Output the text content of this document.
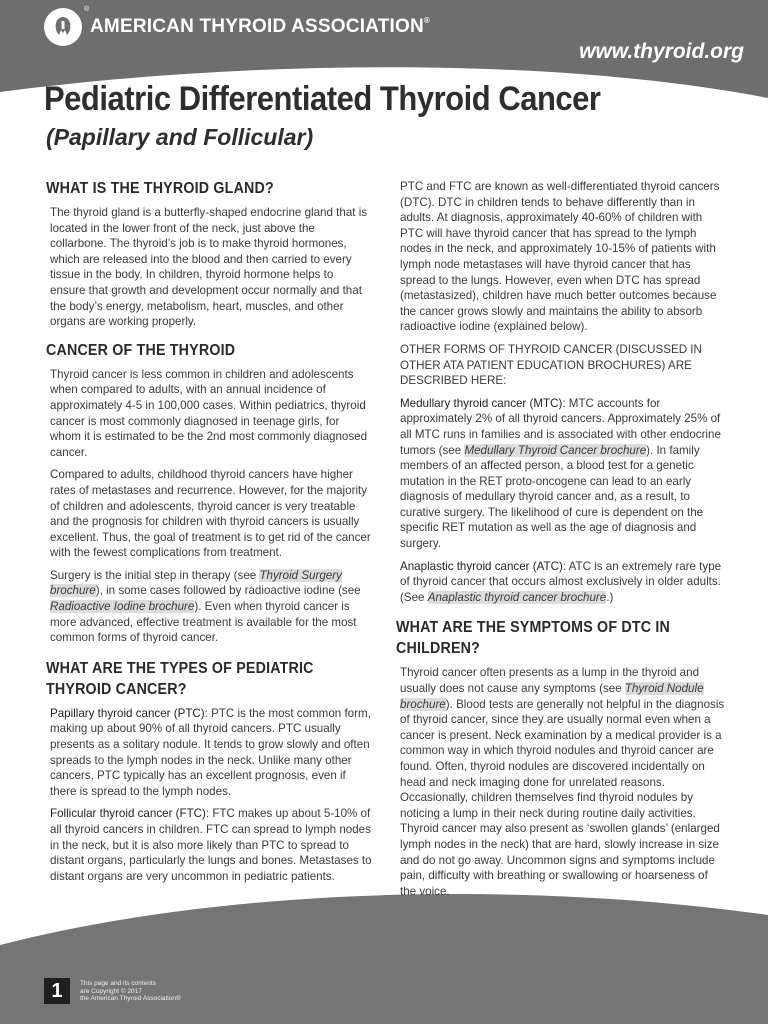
®
AMERICAN THYROID ASSOCIATION®
www.thyroid.org
Pediatric Differentiated Thyroid Cancer
(Papillary and Follicular)
WHAT IS THE THYROID GLAND?

The thyroid gland is a butterfly-shaped endocrine gland that is located in the lower front of the neck, just above the collarbone. The thyroid’s job is to make thyroid hormones, which are released into the blood and then carried to every tissue in the body. In children, thyroid hormone helps to ensure that growth and development occur normally and that the body’s energy, metabolism, heart, muscles, and other organs are working properly.

CANCER OF THE THYROID

Thyroid cancer is less common in children and adolescents when compared to adults, with an annual incidence of approximately 4-5 in 100,000 cases. Within pediatrics, thyroid cancer is most commonly diagnosed in teenage girls, for whom it is estimated to be the 2nd most commonly diagnosed cancer.

Compared to adults, childhood thyroid cancers have higher rates of metastases and recurrence. However, for the majority of children and adolescents, thyroid cancer is very treatable and the prognosis for children with thyroid cancers is usually excellent. Thus, the goal of treatment is to get rid of the cancer with the fewest complications from treatment.

Surgery is the initial step in therapy (see Thyroid Surgery brochure), in some cases followed by radioactive iodine (see Radioactive Iodine brochure). Even when thyroid cancer is more advanced, effective treatment is available for the most common forms of thyroid cancer.

WHAT ARE THE TYPES OF PEDIATRIC THYROID CANCER?

Papillary thyroid cancer (PTC): PTC is the most common form, making up about 90% of all thyroid cancers. PTC usually presents as a solitary nodule. It tends to grow slowly and often spreads to the lymph nodes in the neck. Unlike many other cancers, PTC typically has an excellent prognosis, even if there is spread to the lymph nodes.

Follicular thyroid cancer (FTC): FTC makes up about 5-10% of all thyroid cancers in children. FTC can spread to lymph nodes in the neck, but it is also more likely than PTC to spread to distant organs, particularly the lungs and bones. Metastases to distant organs are very uncommon in pediatric patients.

PTC and FTC are known as well-differentiated thyroid cancers (DTC). DTC in children tends to behave differently than in adults. At diagnosis, approximately 40-60% of children with PTC will have thyroid cancer that has spread to the lymph nodes in the neck, and approximately 10-15% of patients with lymph node metastases will have thyroid cancer that has spread to the lungs. However, even when DTC has spread (metastasized), children have much better outcomes because the cancer grows slowly and maintains the ability to absorb radioactive iodine (explained below).

OTHER FORMS OF THYROID CANCER (DISCUSSED IN OTHER ATA PATIENT EDUCATION BROCHURES) ARE DESCRIBED HERE:

Medullary thyroid cancer (MTC): MTC accounts for approximately 2% of all thyroid cancers. Approximately 25% of all MTC runs in families and is associated with other endocrine tumors (see Medullary Thyroid Cancer brochure). In family members of an affected person, a blood test for a genetic mutation in the RET proto-oncogene can lead to an early diagnosis of medullary thyroid cancer and, as a result, to curative surgery. The likelihood of cure is dependent on the specific RET mutation as well as the age of diagnosis and surgery.

Anaplastic thyroid cancer (ATC): ATC is an extremely rare type of thyroid cancer that occurs almost exclusively in older adults. (See Anaplastic thyroid cancer brochure.)

WHAT ARE THE SYMPTOMS OF DTC IN CHILDREN?

Thyroid cancer often presents as a lump in the thyroid and usually does not cause any symptoms (see Thyroid Nodule brochure). Blood tests are generally not helpful in the diagnosis of thyroid cancer, since they are usually normal even when a cancer is present. Neck examination by a medical provider is a common way in which thyroid nodules and thyroid cancer are found. Often, thyroid nodules are discovered incidentally on head and neck imaging done for unrelated reasons. Occasionally, children themselves find thyroid nodules by noticing a lump in their neck during routine daily activities. Thyroid cancer may also present as ‘swollen glands’ (enlarged lymph nodes in the neck) that are hard, slowly increase in size and do not go away. Uncommon signs and symptoms include pain, difficulty with breathing or swallowing or hoarseness of the voice.

1	This page and its contents
are Copyright © 2017
the American Thyroid Association®
